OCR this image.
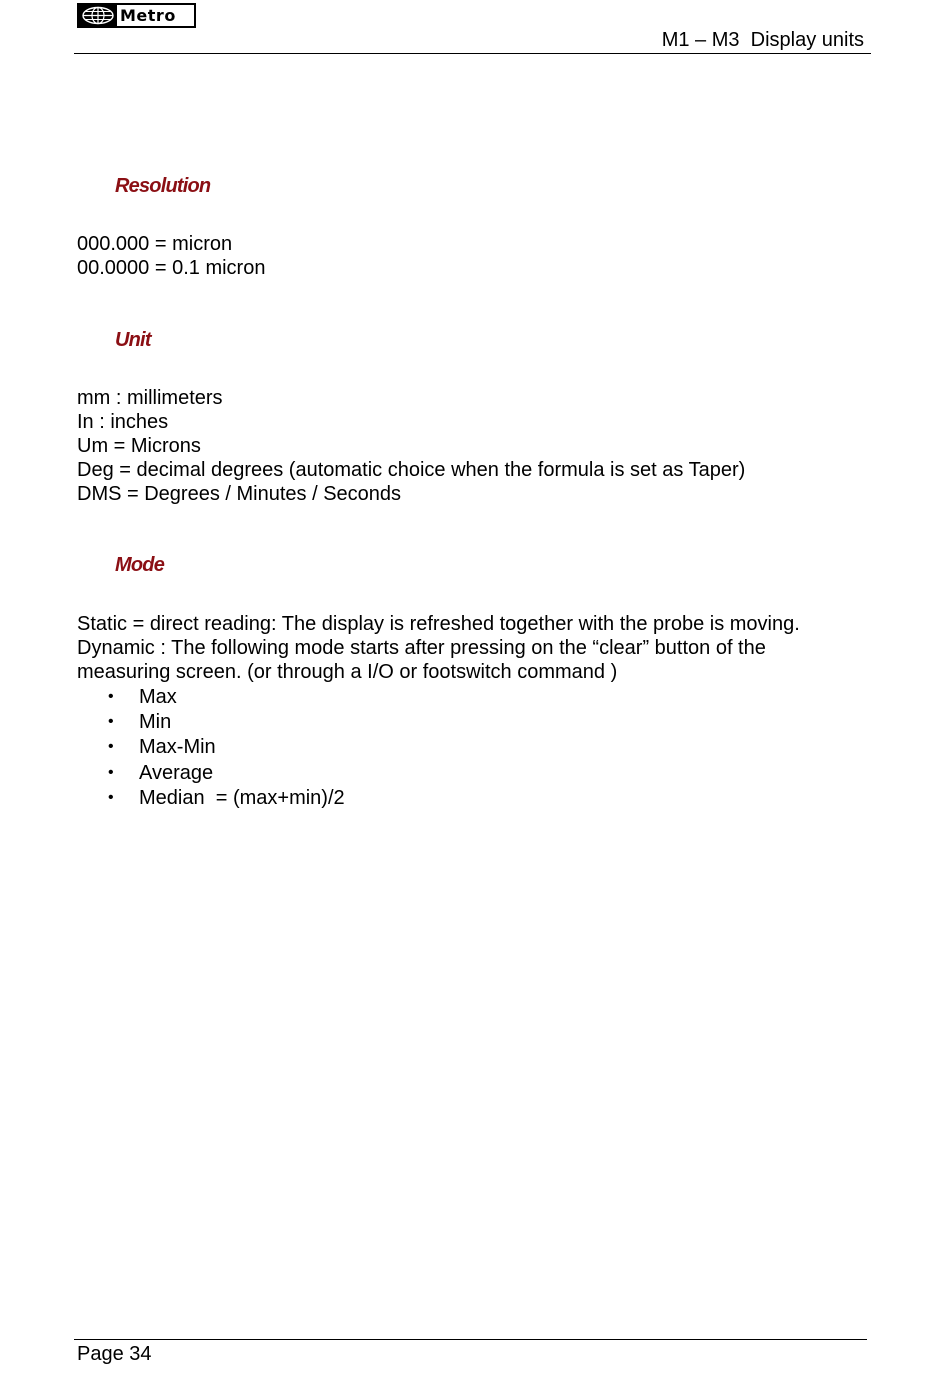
Metro
M1 – M3  Display units
Resolution
000.000 = micron
00.0000 = 0.1 micron
Unit
mm : millimeters
In : inches
Um = Microns
Deg = decimal degrees (automatic choice when the formula is set as Taper)
DMS = Degrees / Minutes / Seconds
Mode
Static = direct reading: The display is refreshed together with the probe is moving.
Dynamic : The following mode starts after pressing on the “clear” button of the
measuring screen. (or through a I/O or footswitch command )
•	Max
•	Min
•	Max-Min
•	Average
•	Median  = (max+min)/2
Page 34
